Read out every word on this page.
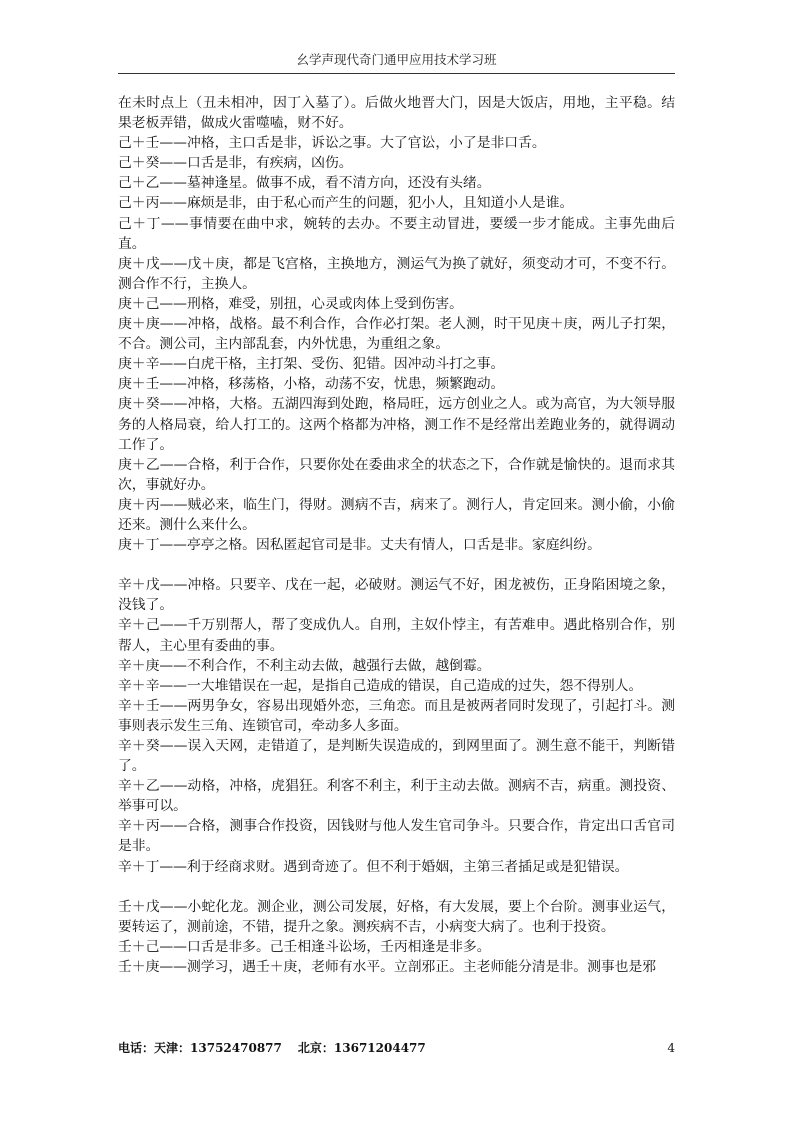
幺学声现代奇门通甲应用技术学习班

在未时点上（丑未相冲，因丁入墓了）。后做火地晋大门，因是大饭店，用地，主平稳。结果老板弄错，做成火雷噬嗑，财不好。

己＋壬——冲格，主口舌是非，诉讼之事。大了官讼，小了是非口舌。

己＋癸——口舌是非，有疾病，凶伤。

己＋乙——墓神逢星。做事不成，看不清方向，还没有头绪。

己＋丙——麻烦是非，由于私心而产生的问题，犯小人，且知道小人是谁。

己＋丁——事情要在曲中求，婉转的去办。不要主动冒进，要缓一步才能成。主事先曲后直。

庚＋戊——戊＋庚，都是飞宫格，主换地方，测运气为换了就好，须变动才可，不变不行。测合作不行，主换人。

庚＋己——刑格，难受，别扭，心灵或肉体上受到伤害。

庚＋庚——冲格，战格。最不利合作，合作必打架。老人测，时干见庚＋庚，两儿子打架，不合。测公司，主内部乱套，内外忧患，为重组之象。

庚＋辛——白虎干格，主打架、受伤、犯错。因冲动斗打之事。

庚＋壬——冲格，移荡格，小格，动荡不安，忧患，频繁跑动。

庚＋癸——冲格，大格。五湖四海到处跑，格局旺，远方创业之人。或为高官，为大领导服务的人格局衰，给人打工的。这两个格都为冲格，测工作不是经常出差跑业务的，就得调动工作了。

庚＋乙——合格，利于合作，只要你处在委曲求全的状态之下，合作就是愉快的。退而求其次，事就好办。

庚＋丙——贼必来，临生门，得财。测病不吉，病来了。测行人，肯定回来。测小偷，小偷还来。测什么来什么。

庚＋丁——亭亭之格。因私匿起官司是非。丈夫有情人，口舌是非。家庭纠纷。

辛＋戊——冲格。只要辛、戊在一起，必破财。测运气不好，困龙被伤，正身陷困境之象，没钱了。

辛＋己——千万别帮人，帮了变成仇人。自刑，主奴仆悖主，有苦难申。遇此格别合作，别帮人，主心里有委曲的事。

辛＋庚——不利合作，不利主动去做，越强行去做，越倒霉。

辛＋辛——一大堆错误在一起，是指自己造成的错误，自己造成的过失，怨不得别人。

辛＋壬——两男争女，容易出现婚外恋，三角恋。而且是被两者同时发现了，引起打斗。测事则表示发生三角、连锁官司，牵动多人多面。

辛＋癸——误入天网，走错道了，是判断失误造成的，到网里面了。测生意不能干，判断错了。

辛＋乙——动格，冲格，虎猖狂。利客不利主，利于主动去做。测病不吉，病重。测投资、举事可以。

辛＋丙——合格，测事合作投资，因钱财与他人发生官司争斗。只要合作，肯定出口舌官司是非。

辛＋丁——利于经商求财。遇到奇迹了。但不利于婚姻，主第三者插足或是犯错误。

壬＋戊——小蛇化龙。测企业，测公司发展，好格，有大发展，要上个台阶。测事业运气，要转运了，测前途，不错，提升之象。测疾病不吉，小病变大病了。也利于投资。

壬＋己——口舌是非多。己壬相逢斗讼场，壬丙相逢是非多。

壬＋庚——测学习，遇壬＋庚，老师有水平。立剖邪正。主老师能分清是非。测事也是邪

电话：天津：13752470877 北京：13671204477	4
